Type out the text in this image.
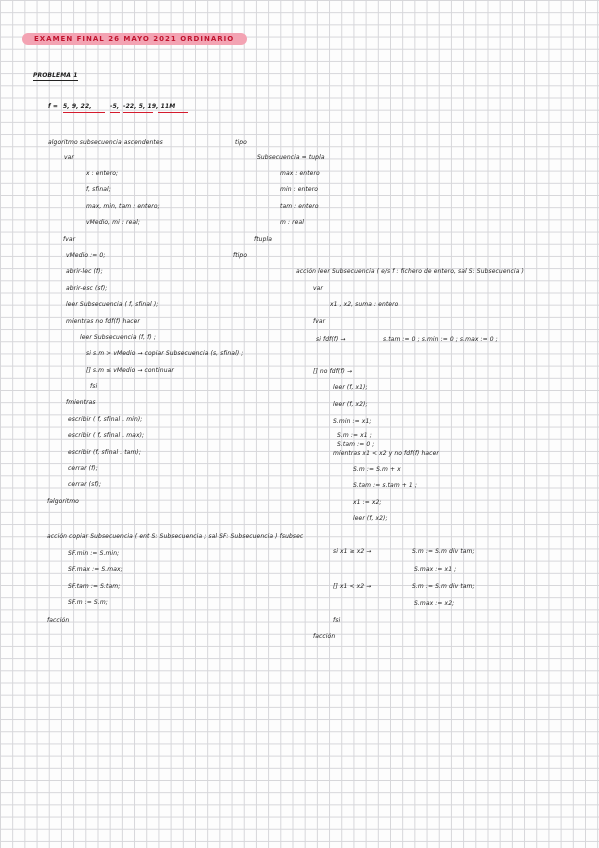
EXAMEN FINAL 26 MAYO 2021 ORDINARIO
PROBLEMA 1
f = 5, 9, 22,	-5, -22, 5, 19, 11M
algoritmo subsecuencia ascendentes
var
x : entero;
f, sfinal;
max, min, tam : entero;
vMedio, mi : real;
fvar
vMedio := 0;
abrir-lec (f);
abrir-esc (sf);
leer Subsecuencia ( f, sfinal );
mientras no fdf(f) hacer
leer Subsecuencia (f, f) ;
si s.m > vMedio → copiar Subsecuencia (s, sfinal) ;
[] s.m ≤ vMedio → continuar
fsi
fmientras
escribir ( f, sfinal . min);
escribir ( f, sfinal . max);
escribir (f, sfinal . tam);
cerrar (f);
cerrar (sf);
falgoritmo
tipo
Subsecuencia = tupla
max : entero
min : entero
tam : entero
m : real
ftupla
ftipo
acción leer Subsecuencia ( e/s f : fichero de entero, sal S: Subsecuencia )
var
x1 , x2, suma : entero
fvar
si fdf(f) →	s.tam := 0 ; s.min := 0 ; s.max := 0 ;
[] no fdf(f) →
leer (f, x1);
leer (f, x2);
S.min := x1;
S.m := x1 ;
S.tam := 0 ;
mientras x1 < x2 y no fdf(f) hacer
S.m := S.m + x
S.tam := s.tam + 1 ;
x1 := x2;
leer (f, x2);
si x1 ≥ x2 →	S.m := S.m div tam;
S.max := x1 ;
[] x1 < x2 →	S.m := S.m div tam;
S.max := x2;
fsi
facción
acción copiar Subsecuencia ( ent S: Subsecuencia ; sal SF: Subsecuencia ) fsubsec
SF.min := S.min;
SF.max := S.max;
SF.tam := S.tam;
SF.m := S.m;
facción
